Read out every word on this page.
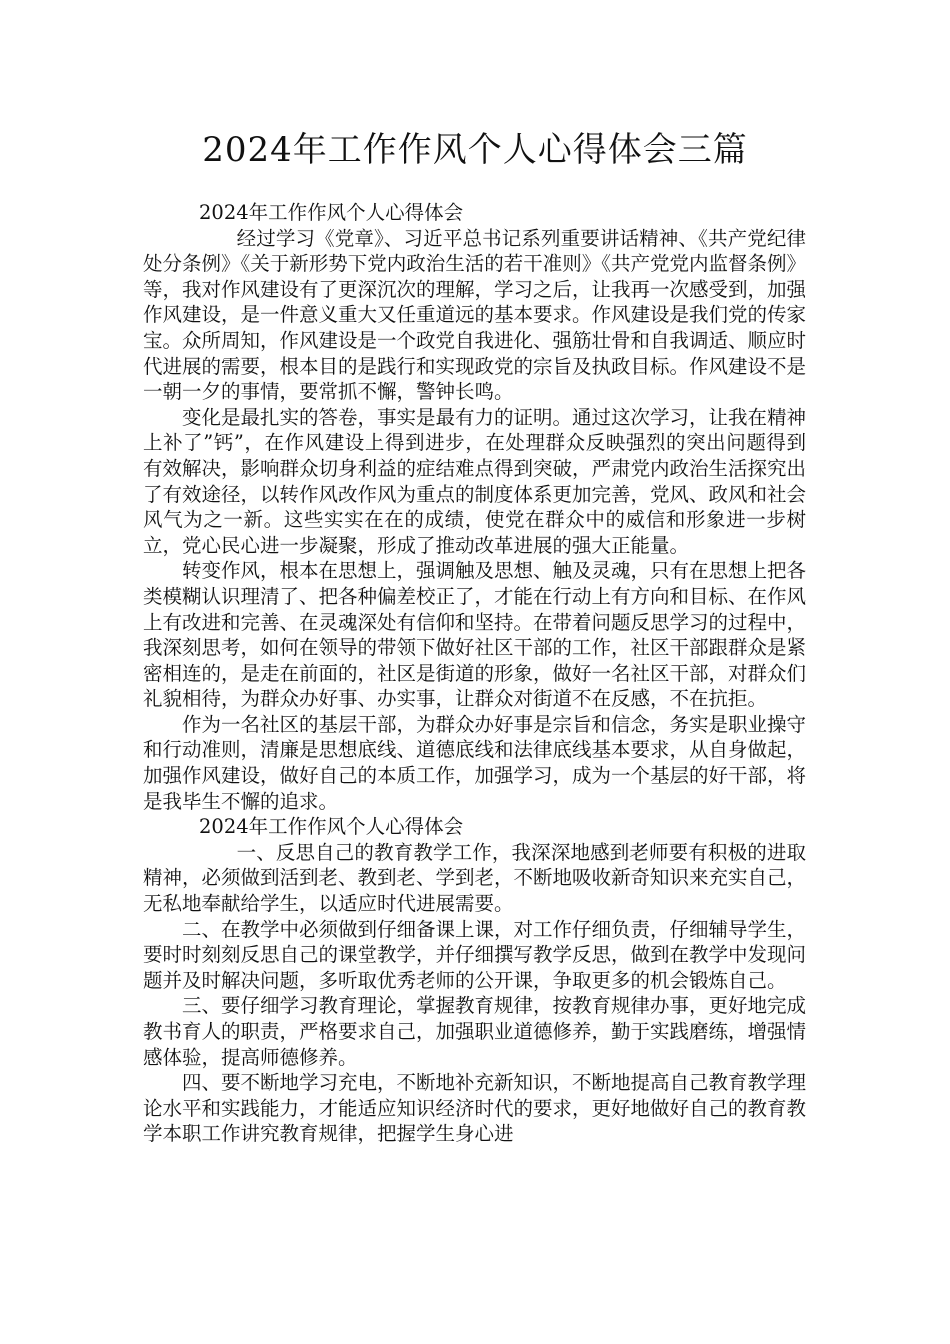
2024年工作作风个人心得体会三篇

2024年工作作风个人心得体会

经过学习《党章》、习近平总书记系列重要讲话精神、《共产党纪律处分条例》《关于新形势下党内政治生活的若干准则》《共产党党内监督条例》等，我对作风建设有了更深沉次的理解，学习之后，让我再一次感受到，加强作风建设，是一件意义重大又任重道远的基本要求。作风建设是我们党的传家宝。众所周知，作风建设是一个政党自我进化、强筋壮骨和自我调适、顺应时代进展的需要，根本目的是践行和实现政党的宗旨及执政目标。作风建设不是一朝一夕的事情，要常抓不懈，警钟长鸣。

变化是最扎实的答卷，事实是最有力的证明。通过这次学习，让我在精神上补了”钙”，在作风建设上得到进步，在处理群众反映强烈的突出问题得到有效解决，影响群众切身利益的症结难点得到突破，严肃党内政治生活探究出了有效途径，以转作风改作风为重点的制度体系更加完善，党风、政风和社会风气为之一新。这些实实在在的成绩，使党在群众中的威信和形象进一步树立，党心民心进一步凝聚，形成了推动改革进展的强大正能量。

转变作风，根本在思想上，强调触及思想、触及灵魂，只有在思想上把各类模糊认识理清了、把各种偏差校正了，才能在行动上有方向和目标、在作风上有改进和完善、在灵魂深处有信仰和坚持。在带着问题反思学习的过程中，我深刻思考，如何在领导的带领下做好社区干部的工作，社区干部跟群众是紧密相连的，是走在前面的，社区是街道的形象，做好一名社区干部，对群众们礼貌相待，为群众办好事、办实事，让群众对街道不在反感，不在抗拒。

作为一名社区的基层干部，为群众办好事是宗旨和信念，务实是职业操守和行动准则，清廉是思想底线、道德底线和法律底线基本要求，从自身做起，加强作风建设，做好自己的本质工作，加强学习，成为一个基层的好干部，将是我毕生不懈的追求。

2024年工作作风个人心得体会

一、反思自己的教育教学工作，我深深地感到老师要有积极的进取精神，必须做到活到老、教到老、学到老，不断地吸收新奇知识来充实自己，无私地奉献给学生，以适应时代进展需要。

二、在教学中必须做到仔细备课上课，对工作仔细负责，仔细辅导学生，要时时刻刻反思自己的课堂教学，并仔细撰写教学反思，做到在教学中发现问题并及时解决问题，多听取优秀老师的公开课，争取更多的机会锻炼自己。

三、要仔细学习教育理论，掌握教育规律，按教育规律办事，更好地完成教书育人的职责，严格要求自己，加强职业道德修养，勤于实践磨练，增强情感体验，提高师德修养。

四、要不断地学习充电，不断地补充新知识，不断地提高自己教育教学理论水平和实践能力，才能适应知识经济时代的要求，更好地做好自己的教育教学本职工作讲究教育规律，把握学生身心进
